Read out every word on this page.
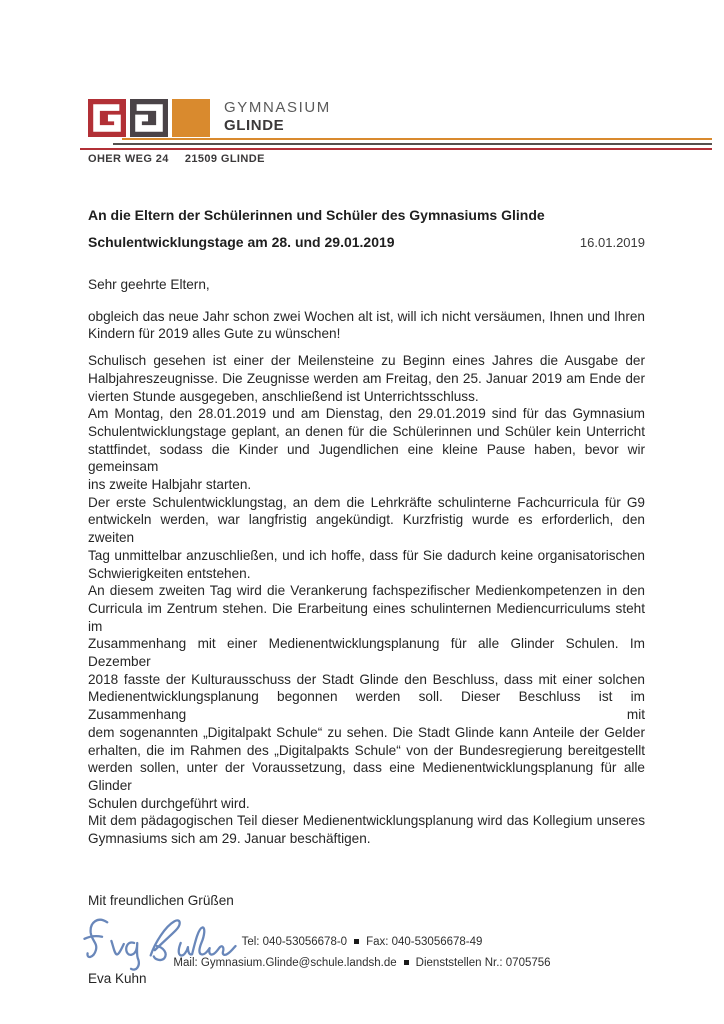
GYMNASIUM
GLINDE
OHER WEG 24 21509 GLINDE
An die Eltern der Schülerinnen und Schüler des Gymnasiums Glinde
Schulentwicklungstage am 28. und 29.01.2019	16.01.2019

Sehr geehrte Eltern,

obgleich das neue Jahr schon zwei Wochen alt ist, will ich nicht versäumen, Ihnen und Ihren
Kindern für 2019 alles Gute zu wünschen!
Schulisch gesehen ist einer der Meilensteine zu Beginn eines Jahres die Ausgabe der
Halbjahreszeugnisse. Die Zeugnisse werden am Freitag, den 25. Januar 2019 am Ende der
vierten Stunde ausgegeben, anschließend ist Unterrichtsschluss.
Am Montag, den 28.01.2019 und am Dienstag, den 29.01.2019 sind für das Gymnasium
Schulentwicklungstage geplant, an denen für die Schülerinnen und Schüler kein Unterricht
stattfindet, sodass die Kinder und Jugendlichen eine kleine Pause haben, bevor wir gemeinsam
ins zweite Halbjahr starten.
Der erste Schulentwicklungstag, an dem die Lehrkräfte schulinterne Fachcurricula für G9
entwickeln werden, war langfristig angekündigt. Kurzfristig wurde es erforderlich, den zweiten
Tag unmittelbar anzuschließen, und ich hoffe, dass für Sie dadurch keine organisatorischen
Schwierigkeiten entstehen.
An diesem zweiten Tag wird die Verankerung fachspezifischer Medienkompetenzen in den
Curricula im Zentrum stehen. Die Erarbeitung eines schulinternen Mediencurriculums steht im
Zusammenhang mit einer Medienentwicklungsplanung für alle Glinder Schulen. Im Dezember
2018 fasste der Kulturausschuss der Stadt Glinde den Beschluss, dass mit einer solchen
Medienentwicklungsplanung begonnen werden soll. Dieser Beschluss ist im Zusammenhang mit
dem sogenannten „Digitalpakt Schule“ zu sehen. Die Stadt Glinde kann Anteile der Gelder
erhalten, die im Rahmen des „Digitalpakts Schule“ von der Bundesregierung bereitgestellt
werden sollen, unter der Voraussetzung, dass eine Medienentwicklungsplanung für alle Glinder
Schulen durchgeführt wird.
Mit dem pädagogischen Teil dieser Medienentwicklungsplanung wird das Kollegium unseres
Gymnasiums sich am 29. Januar beschäftigen.
Mit freundlichen Grüßen
Eva Kuhn
Tel: 040-53056678-0 Fax: 040-53056678-49
Mail: Gymnasium.Glinde@schule.landsh.de Dienststellen Nr.: 0705756
